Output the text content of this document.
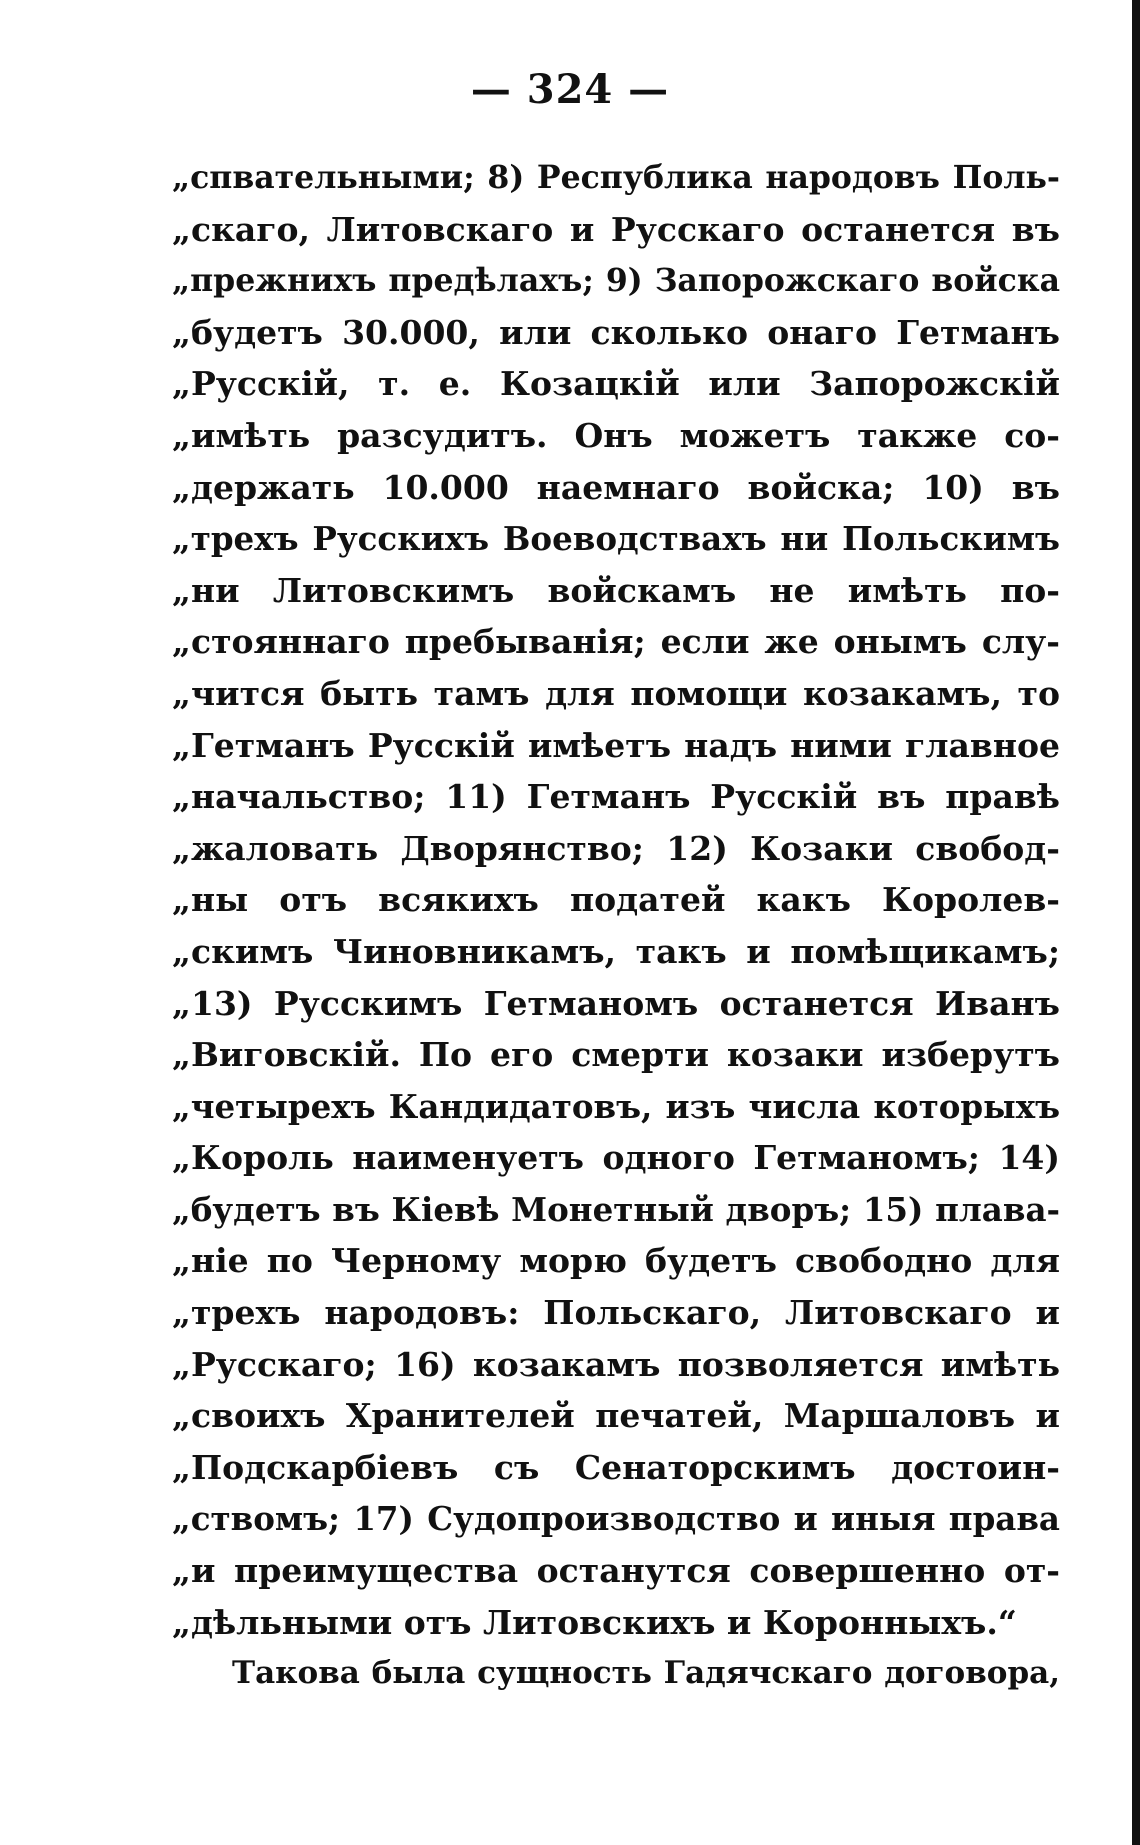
— 324 —
„спвательными; 8) Республика народовъ Поль-
„скаго, Литовскаго и Русскаго останется въ
„прежнихъ предѣлахъ; 9) Запорожскаго войска
„будетъ 30.000, или сколько онаго Гетманъ
„Русскій, т. е. Козацкій или Запорожскій
„имѣть разсудитъ. Онъ можетъ также со-
„держать 10.000 наемнаго войска; 10) въ
„трехъ Русскихъ Воеводствахъ ни Польскимъ
„ни Литовскимъ войскамъ не имѣть по-
„стояннаго пребыванія; если же онымъ слу-
„чится быть тамъ для помощи козакамъ, то
„Гетманъ Русскій имѣетъ надъ ними главное
„начальство; 11) Гетманъ Русскій въ правѣ
„жаловать Дворянство; 12) Козаки свобод-
„ны отъ всякихъ податей какъ Королев-
„скимъ Чиновникамъ, такъ и помѣщикамъ;
„13) Русскимъ Гетманомъ останется Иванъ
„Виговскій. По его смерти козаки изберутъ
„четырехъ Кандидатовъ, изъ числа которыхъ
„Король наименуетъ одного Гетманомъ; 14)
„будетъ въ Кіевѣ Монетный дворъ; 15) плава-
„ніе по Черному морю будетъ свободно для
„трехъ народовъ: Польскаго, Литовскаго и
„Русскаго; 16) козакамъ позволяется имѣть
„своихъ Хранителей печатей, Маршаловъ и
„Подскарбіевъ съ Сенаторскимъ достоин-
„ствомъ; 17) Судопроизводство и иныя права
„и преимущества останутся совершенно от-
„дѣльными отъ Литовскихъ и Коронныхъ.“
Такова была сущность Гадячскаго договора,
